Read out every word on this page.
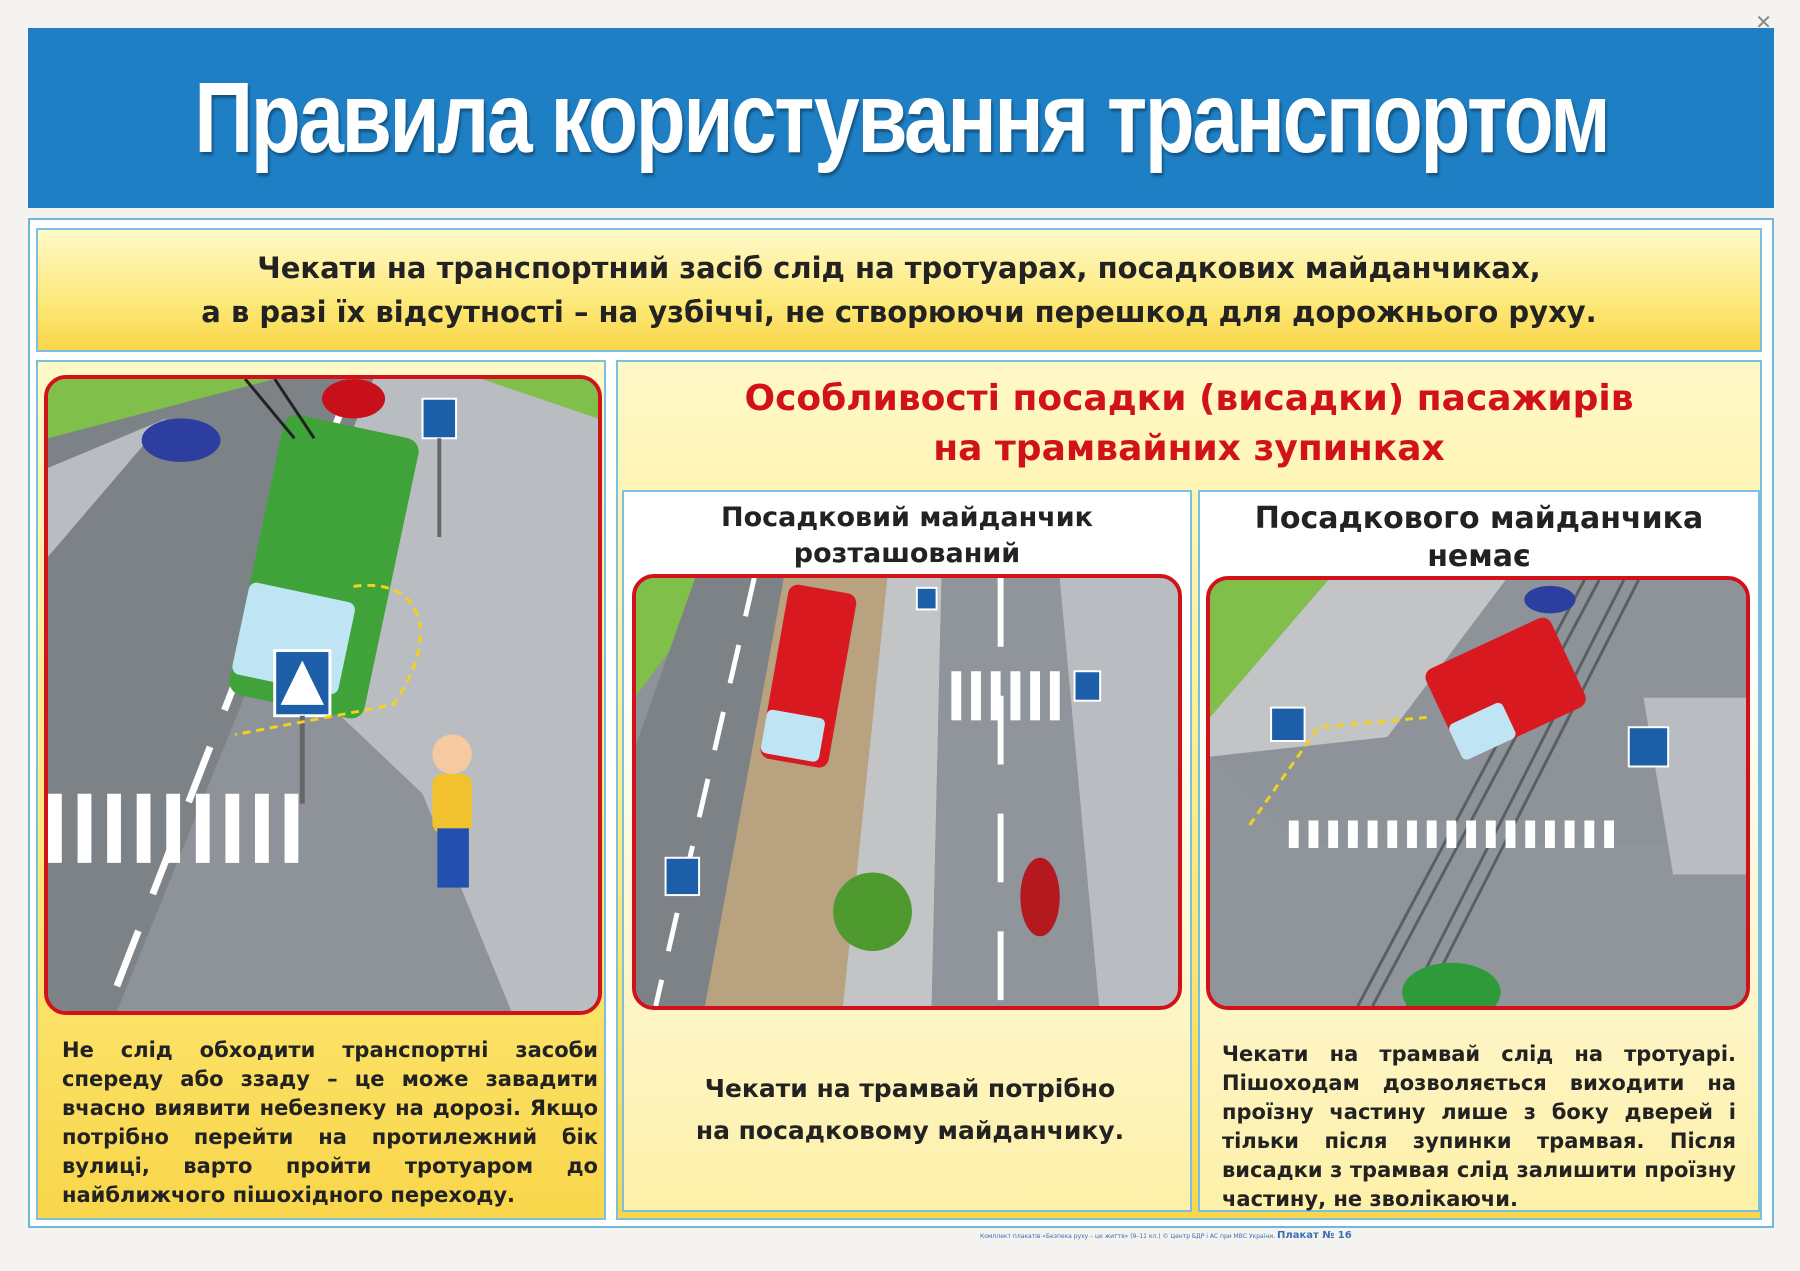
Правила користування транспортом
Чекати на транспортний засіб слід на тротуарах, посадкових майданчиках,
а в разі їх відсутності – на узбіччі, не створюючи перешкод для дорожнього руху.
Не слід обходити транспортні засоби спереду або ззаду – це може завадити вчасно виявити небезпеку на дорозі. Якщо потрібно перейти на протилежний бік вулиці, варто пройти тротуаром до найближчого пішохідного переходу.
Особливості посадки (висадки) пасажирів
на трамвайних зупинках
Посадковий майданчик розташований
Чекати на трамвай потрібно
на посадковому майданчику.
Посадкового майданчика
немає
Чекати на трамвай слід на тротуарі. Пішоходам дозволяється виходити на проїзну частину лише з боку дверей і тільки після зупинки трамвая. Після висадки з трамвая слід залишити проїзну частину, не зволікаючи.
Комплект плакатів «Безпека руху – це життя» (9–11 кл.) © Центр БДР і АС при МВС України. Плакат № 16
✕
